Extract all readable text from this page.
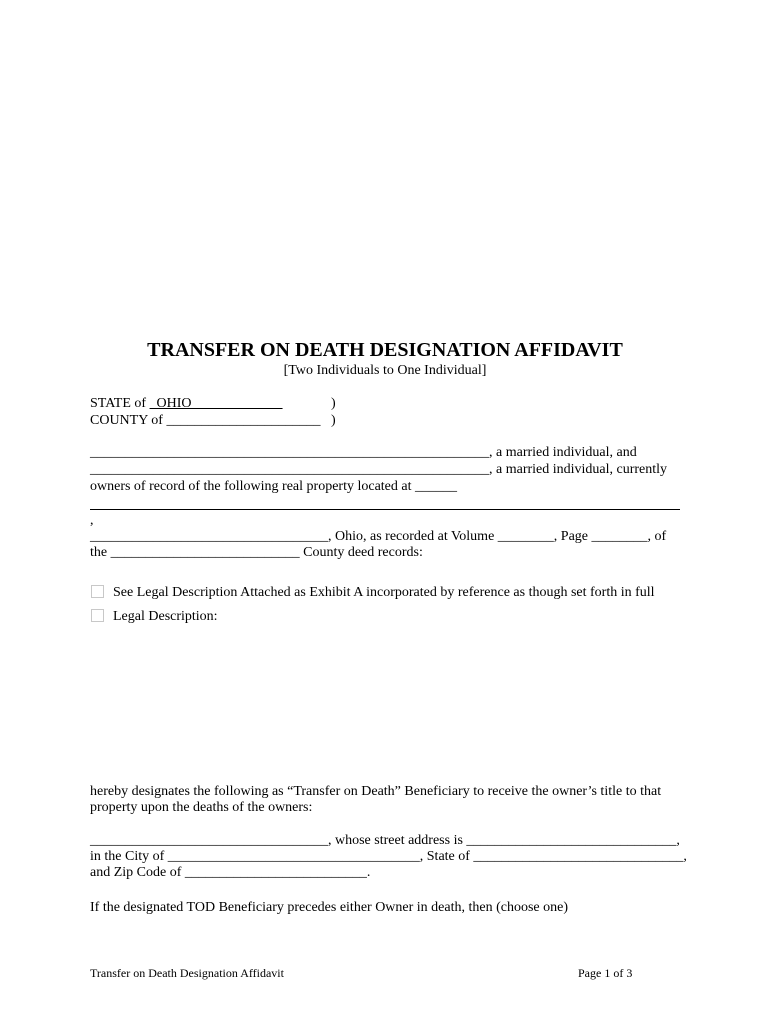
TRANSFER ON DEATH DESIGNATION AFFIDAVIT
[Two Individuals to One Individual]
STATE of   OHIO	)
COUNTY of ______________________ )
_________________________________________________________, a married individual, and
_________________________________________________________, a married individual, currently
owners of record of the following real property located at ______
,
__________________________________, Ohio, as recorded at Volume ________, Page ________, of
the ___________________________ County deed records:
See Legal Description Attached as Exhibit A incorporated by reference as though set forth in full
Legal Description:
hereby designates the following as “Transfer on Death” Beneficiary to receive the owner’s title to that
property upon the deaths of the owners:
__________________________________, whose street address is ______________________________,
in the City of ____________________________________, State of ______________________________,
and Zip Code of __________________________.
If the designated TOD Beneficiary precedes either Owner in death, then (choose one)
Transfer on Death Designation Affidavit	Page 1 of 3
